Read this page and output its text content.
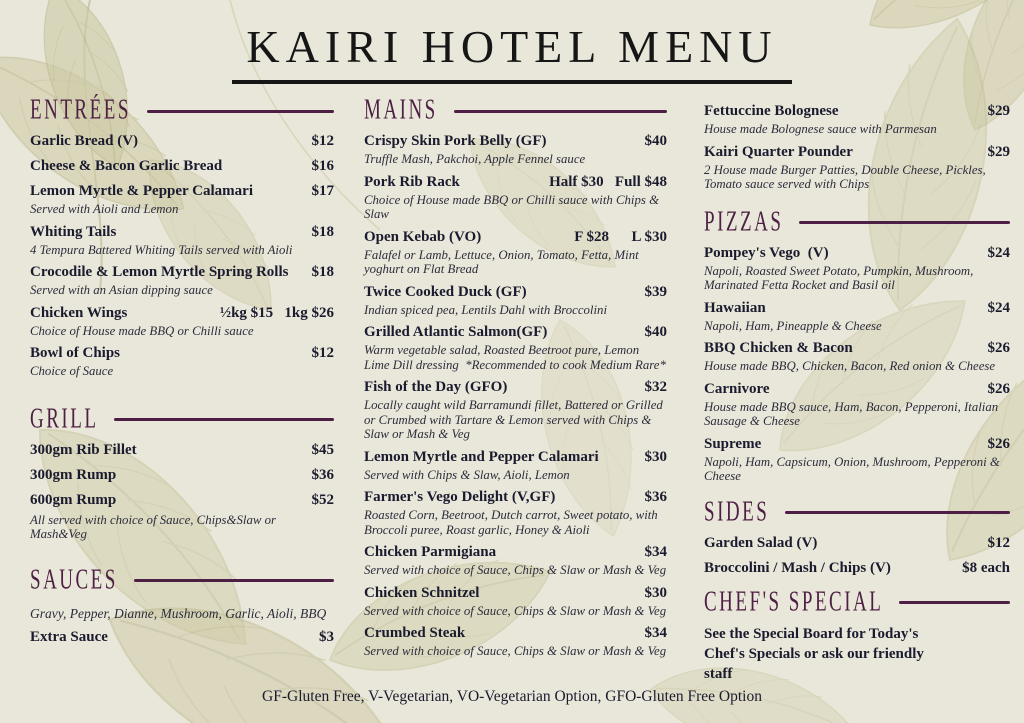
KAIRI HOTEL MENU
ENTRÉES
Garlic Bread (V)	$12
Cheese & Bacon Garlic Bread	$16
Lemon Myrtle & Pepper Calamari	$17
Served with Aioli and Lemon
Whiting Tails	$18
4 Tempura Battered Whiting Tails served with Aioli
Crocodile & Lemon Myrtle Spring Rolls $18
Served with an Asian dipping sauce
Chicken Wings	½kg $15   1kg $26
Choice of House made BBQ or Chilli sauce
Bowl of Chips	$12
Choice of Sauce
GRILL
300gm Rib Fillet	$45
300gm Rump	$36
600gm Rump	$52
All served with choice of Sauce, Chips&Slaw or Mash&Veg
SAUCES
Gravy, Pepper, Dianne, Mushroom, Garlic, Aioli, BBQ
Extra Sauce	$3
MAINS
Crispy Skin Pork Belly (GF)	$40
Truffle Mash, Pakchoi, Apple Fennel sauce
Pork Rib Rack	Half $30   Full $48
Choice of House made BBQ or Chilli sauce with Chips & Slaw
Open Kebab (VO)	F $28      L $30
Falafel or Lamb, Lettuce, Onion, Tomato, Fetta, Mint yoghurt on Flat Bread
Twice Cooked Duck (GF)	$39
Indian spiced pea, Lentils Dahl with Broccolini
Grilled Atlantic Salmon(GF)	$40
Warm vegetable salad, Roasted Beetroot pure, Lemon Lime Dill dressing  *Recommended to cook Medium Rare*
Fish of the Day (GFO)	$32
Locally caught wild Barramundi fillet, Battered or Grilled or Crumbed with Tartare & Lemon served with Chips & Slaw or Mash & Veg
Lemon Myrtle and Pepper Calamari	$30
Served with Chips & Slaw, Aioli, Lemon
Farmer's Vego Delight (V,GF)	$36
Roasted Corn, Beetroot, Dutch carrot, Sweet potato, with Broccoli puree, Roast garlic, Honey & Aioli
Chicken Parmigiana	$34
Served with choice of Sauce, Chips & Slaw or Mash & Veg
Chicken Schnitzel	$30
Served with choice of Sauce, Chips & Slaw or Mash & Veg
Crumbed Steak	$34
Served with choice of Sauce, Chips & Slaw or Mash & Veg
Fettuccine Bolognese	$29
House made Bolognese sauce with Parmesan
Kairi Quarter Pounder	$29
2 House made Burger Patties, Double Cheese, Pickles, Tomato sauce served with Chips
PIZZAS
Pompey's Vego  (V)	$24
Napoli, Roasted Sweet Potato, Pumpkin, Mushroom, Marinated Fetta Rocket and Basil oil
Hawaiian	$24
Napoli, Ham, Pineapple & Cheese
BBQ Chicken & Bacon	$26
House made BBQ, Chicken, Bacon, Red onion & Cheese
Carnivore	$26
House made BBQ sauce, Ham, Bacon, Pepperoni, Italian Sausage & Cheese
Supreme	$26
Napoli, Ham, Capsicum, Onion, Mushroom, Pepperoni & Cheese
SIDES
Garden Salad (V)	$12
Broccolini / Mash / Chips (V)	$8 each
CHEF'S SPECIAL
See the Special Board for Today's Chef's Specials or ask our friendly staff
GF-Gluten Free, V-Vegetarian, VO-Vegetarian Option, GFO-Gluten Free Option
